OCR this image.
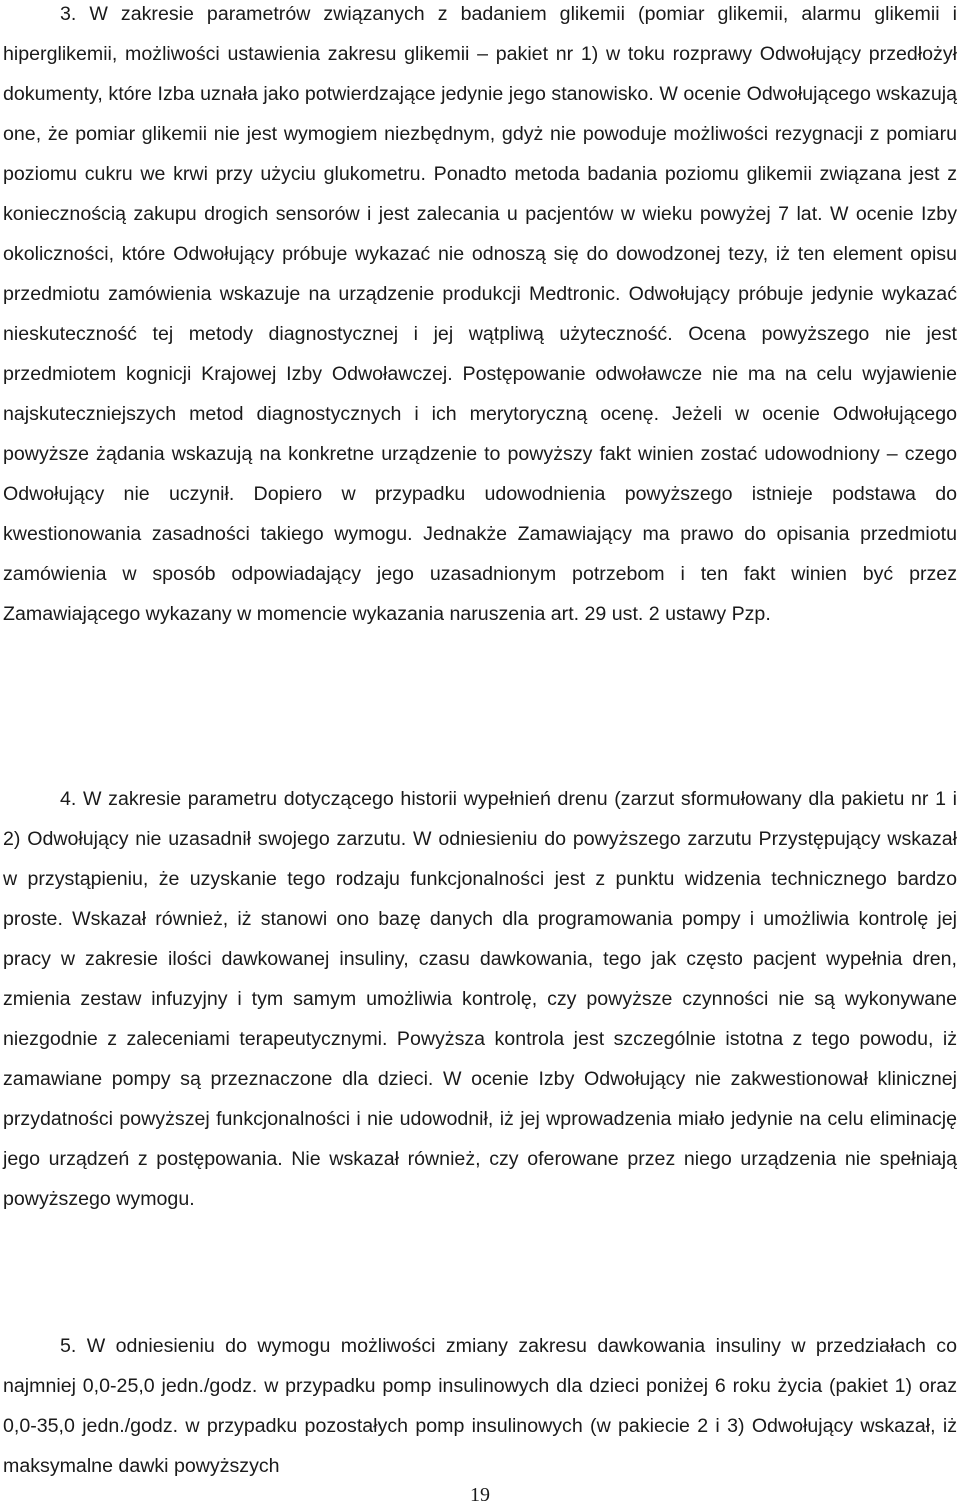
3. W zakresie parametrów związanych z badaniem glikemii (pomiar glikemii, alarmu glikemii i hiperglikemii, możliwości ustawienia zakresu glikemii – pakiet nr 1) w toku rozprawy Odwołujący przedłożył dokumenty, które Izba uznała jako potwierdzające jedynie jego stanowisko. W ocenie Odwołującego wskazują one, że pomiar glikemii nie jest wymogiem niezbędnym, gdyż nie powoduje możliwości rezygnacji z pomiaru poziomu cukru we krwi przy użyciu glukometru. Ponadto metoda badania poziomu glikemii związana jest z koniecznością zakupu drogich sensorów i jest zalecania u pacjentów w wieku powyżej 7 lat. W ocenie Izby okoliczności, które Odwołujący próbuje wykazać nie odnoszą się do dowodzonej tezy, iż ten element opisu przedmiotu zamówienia wskazuje na urządzenie produkcji Medtronic. Odwołujący próbuje jedynie wykazać nieskuteczność tej metody diagnostycznej i jej wątpliwą użyteczność. Ocena powyższego nie jest przedmiotem kognicji Krajowej Izby Odwoławczej. Postępowanie odwoławcze nie ma na celu wyjawienie najskuteczniejszych metod diagnostycznych i ich merytoryczną ocenę. Jeżeli w ocenie Odwołującego powyższe żądania wskazują na konkretne urządzenie to powyższy fakt winien zostać udowodniony – czego Odwołujący nie uczynił. Dopiero w przypadku udowodnienia powyższego istnieje podstawa do kwestionowania zasadności takiego wymogu. Jednakże Zamawiający ma prawo do opisania przedmiotu zamówienia w sposób odpowiadający jego uzasadnionym potrzebom i ten fakt winien być przez Zamawiającego wykazany w momencie wykazania naruszenia art. 29 ust. 2 ustawy Pzp.

4. W zakresie parametru dotyczącego historii wypełnień drenu (zarzut sformułowany dla pakietu nr 1 i 2) Odwołujący nie uzasadnił swojego zarzutu. W odniesieniu do powyższego zarzutu Przystępujący wskazał w przystąpieniu, że uzyskanie tego rodzaju funkcjonalności jest z punktu widzenia technicznego bardzo proste. Wskazał również, iż stanowi ono bazę danych dla programowania pompy i umożliwia kontrolę jej pracy w zakresie ilości dawkowanej insuliny, czasu dawkowania, tego jak często pacjent wypełnia dren, zmienia zestaw infuzyjny i tym samym umożliwia kontrolę, czy powyższe czynności nie są wykonywane niezgodnie z zaleceniami terapeutycznymi. Powyższa kontrola jest szczególnie istotna z tego powodu, iż zamawiane pompy są przeznaczone dla dzieci. W ocenie Izby Odwołujący nie zakwestionował klinicznej przydatności powyższej funkcjonalności i nie udowodnił, iż jej wprowadzenia miało jedynie na celu eliminację jego urządzeń z postępowania. Nie wskazał również, czy oferowane przez niego urządzenia nie spełniają powyższego wymogu.

5. W odniesieniu do wymogu możliwości zmiany zakresu dawkowania insuliny w przedziałach co najmniej 0,0-25,0 jedn./godz. w przypadku pomp insulinowych dla dzieci poniżej 6 roku życia (pakiet 1) oraz 0,0-35,0 jedn./godz. w przypadku pozostałych pomp insulinowych (w pakiecie 2 i 3) Odwołujący wskazał, iż maksymalne dawki powyższych

19
